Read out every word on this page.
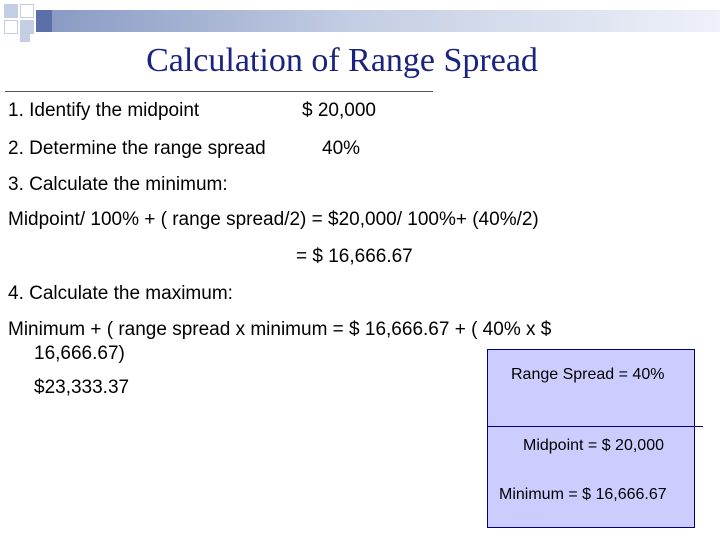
Calculation of Range Spread
1. Identify the midpoint	$ 20,000
2. Determine the range spread	40%
3. Calculate the minimum:
Midpoint/ 100% + ( range spread/2) = $20,000/ 100%+ (40%/2)
= $ 16,666.67
4. Calculate the maximum:
Minimum + ( range spread x minimum = $ 16,666.67 + ( 40% x $
16,666.67)
$23,333.37
Range Spread = 40%
Midpoint = $ 20,000
Minimum = $ 16,666.67
